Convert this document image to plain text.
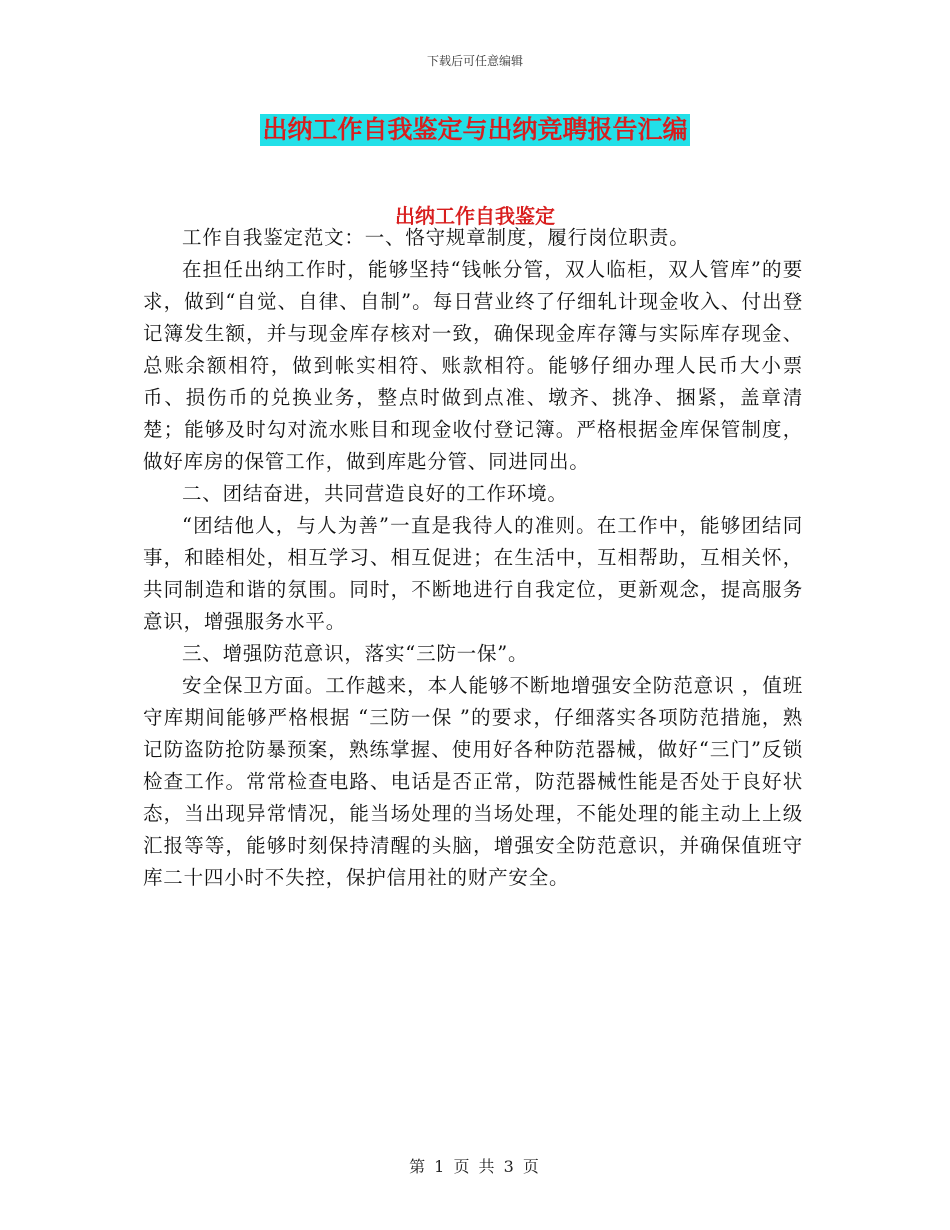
下载后可任意编辑
出纳工作自我鉴定与出纳竞聘报告汇编
出纳工作自我鉴定

工作自我鉴定范文：一、恪守规章制度，履行岗位职责。

在担任出纳工作时，能够坚持“钱帐分管，双人临柜，双人管库”的要求，做到“自觉、自律、自制”。每日营业终了仔细轧计现金收入、付出登记簿发生额，并与现金库存核对一致，确保现金库存簿与实际库存现金、总账余额相符，做到帐实相符、账款相符。能够仔细办理人民币大小票币、损伤币的兑换业务，整点时做到点准、墩齐、挑净、捆紧，盖章清楚；能够及时勾对流水账目和现金收付登记簿。严格根据金库保管制度，做好库房的保管工作，做到库匙分管、同进同出。

二、团结奋进，共同营造良好的工作环境。

“团结他人，与人为善”一直是我待人的准则。在工作中，能够团结同事，和睦相处，相互学习、相互促进；在生活中，互相帮助，互相关怀，共同制造和谐的氛围。同时，不断地进行自我定位，更新观念，提高服务意识，增强服务水平。

三、增强防范意识，落实“三防一保”。

安全保卫方面。工作越来，本人能够不断地增强安全防范意识 ，值班守库期间能够严格根据 “三防一保 ”的要求，仔细落实各项防范措施，熟记防盗防抢防暴预案，熟练掌握、使用好各种防范器械，做好“三门”反锁检查工作。常常检查电路、电话是否正常，防范器械性能是否处于良好状态，当出现异常情况，能当场处理的当场处理，不能处理的能主动上上级汇报等等，能够时刻保持清醒的头脑，增强安全防范意识，并确保值班守库二十四小时不失控，保护信用社的财产安全。

第 1 页 共 3 页
